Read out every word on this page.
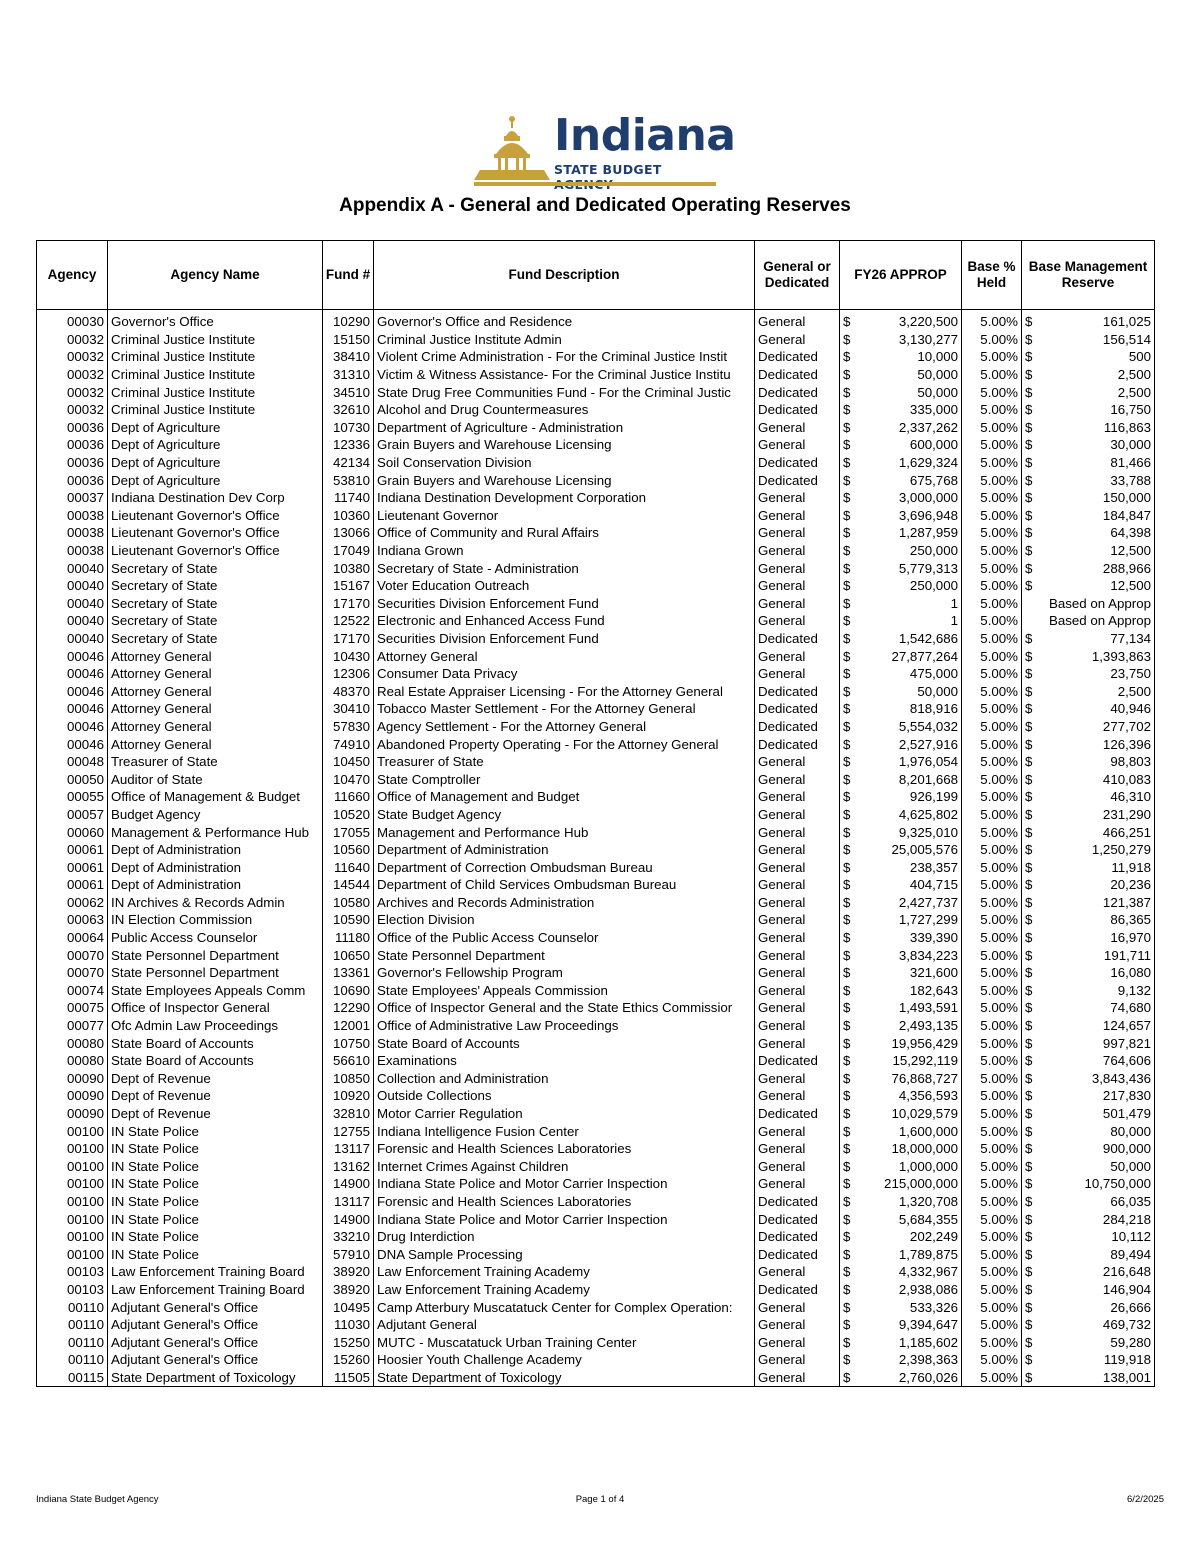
Indiana
STATE BUDGET
Appendix A - General and Dedicated Operating Reserves
Agency	Agency Name	Fund #	Fund Description	General or Dedicated	FY26 APPROP	Base % Held	Base Management Reserve
00030	Governor's Office	10290	Governor's Office and Residence	General	$ 3,220,500	5.00%	$ 161,025

00032	Criminal Justice Institute	15150	Criminal Justice Institute Admin	General	$ 3,130,277	5.00%	$ 156,514

00032	Criminal Justice Institute	38410	Violent Crime Administration - For the Criminal Justice Instit	Dedicated	$ 10,000	5.00%	$ 500

00032	Criminal Justice Institute	31310	Victim & Witness Assistance- For the Criminal Justice Institu	Dedicated	$ 50,000	5.00%	$ 2,500

00032	Criminal Justice Institute	34510	State Drug Free Communities Fund - For the Criminal Justic	Dedicated	$ 50,000	5.00%	$ 2,500

00032	Criminal Justice Institute	32610	Alcohol and Drug Countermeasures	Dedicated	$ 335,000	5.00%	$ 16,750

00036	Dept of Agriculture	10730	Department of Agriculture - Administration	General	$ 2,337,262	5.00%	$ 116,863

00036	Dept of Agriculture	12336	Grain Buyers and Warehouse Licensing	General	$ 600,000	5.00%	$ 30,000

00036	Dept of Agriculture	42134	Soil Conservation Division	Dedicated	$ 1,629,324	5.00%	$ 81,466

00036	Dept of Agriculture	53810	Grain Buyers and Warehouse Licensing	Dedicated	$ 675,768	5.00%	$ 33,788

00037	Indiana Destination Dev Corp	11740	Indiana Destination Development Corporation	General	$ 3,000,000	5.00%	$ 150,000

00038	Lieutenant Governor's Office	10360	Lieutenant Governor	General	$ 3,696,948	5.00%	$ 184,847

00038	Lieutenant Governor's Office	13066	Office of Community and Rural Affairs	General	$ 1,287,959	5.00%	$ 64,398

00038	Lieutenant Governor's Office	17049	Indiana Grown	General	$ 250,000	5.00%	$ 12,500

00040	Secretary of State	10380	Secretary of State - Administration	General	$ 5,779,313	5.00%	$ 288,966

00040	Secretary of State	15167	Voter Education Outreach	General	$ 250,000	5.00%	$ 12,500

00040	Secretary of State	17170	Securities Division Enforcement Fund	General	$ 1	5.00%	Based on Approp
00040	Secretary of State	12522	Electronic and Enhanced Access Fund	General	$ 1	5.00%	Based on Approp
00040	Secretary of State	17170	Securities Division Enforcement Fund	Dedicated	$ 1,542,686	5.00%	$ 77,134

00046	Attorney General	10430	Attorney General	General	$ 27,877,264	5.00%	$ 1,393,863

00046	Attorney General	12306	Consumer Data Privacy	General	$ 475,000	5.00%	$ 23,750

00046	Attorney General	48370	Real Estate Appraiser Licensing - For the Attorney General	Dedicated	$ 50,000	5.00%	$ 2,500

00046	Attorney General	30410	Tobacco Master Settlement - For the Attorney General	Dedicated	$ 818,916	5.00%	$ 40,946

00046	Attorney General	57830	Agency Settlement - For the Attorney General	Dedicated	$ 5,554,032	5.00%	$ 277,702

00046	Attorney General	74910	Abandoned Property Operating - For the Attorney General	Dedicated	$ 2,527,916	5.00%	$ 126,396

00048	Treasurer of State	10450	Treasurer of State	General	$ 1,976,054	5.00%	$ 98,803

00050	Auditor of State	10470	State Comptroller	General	$ 8,201,668	5.00%	$ 410,083

00055	Office of Management & Budget	11660	Office of Management and Budget	General	$ 926,199	5.00%	$ 46,310

00057	Budget Agency	10520	State Budget Agency	General	$ 4,625,802	5.00%	$ 231,290

00060	Management & Performance Hub	17055	Management and Performance Hub	General	$ 9,325,010	5.00%	$ 466,251

00061	Dept of Administration	10560	Department of Administration	General	$ 25,005,576	5.00%	$ 1,250,279

00061	Dept of Administration	11640	Department of Correction Ombudsman Bureau	General	$ 238,357	5.00%	$ 11,918

00061	Dept of Administration	14544	Department of Child Services Ombudsman Bureau	General	$ 404,715	5.00%	$ 20,236

00062	IN Archives & Records Admin	10580	Archives and Records Administration	General	$ 2,427,737	5.00%	$ 121,387

00063	IN Election Commission	10590	Election Division	General	$ 1,727,299	5.00%	$ 86,365

00064	Public Access Counselor	11180	Office of the Public Access Counselor	General	$ 339,390	5.00%	$ 16,970

00070	State Personnel Department	10650	State Personnel Department	General	$ 3,834,223	5.00%	$ 191,711

00070	State Personnel Department	13361	Governor's Fellowship Program	General	$ 321,600	5.00%	$ 16,080

00074	State Employees Appeals Comm	10690	State Employees' Appeals Commission	General	$ 182,643	5.00%	$ 9,132

00075	Office of Inspector General	12290	Office of Inspector General and the State Ethics Commissior	General	$ 1,493,591	5.00%	$ 74,680

00077	Ofc Admin Law Proceedings	12001	Office of Administrative Law Proceedings	General	$ 2,493,135	5.00%	$ 124,657

00080	State Board of Accounts	10750	State Board of Accounts	General	$ 19,956,429	5.00%	$ 997,821

00080	State Board of Accounts	56610	Examinations	Dedicated	$ 15,292,119	5.00%	$ 764,606

00090	Dept of Revenue	10850	Collection and Administration	General	$ 76,868,727	5.00%	$ 3,843,436

00090	Dept of Revenue	10920	Outside Collections	General	$ 4,356,593	5.00%	$ 217,830

00090	Dept of Revenue	32810	Motor Carrier Regulation	Dedicated	$ 10,029,579	5.00%	$ 501,479

00100	IN State Police	12755	Indiana Intelligence Fusion Center	General	$ 1,600,000	5.00%	$ 80,000

00100	IN State Police	13117	Forensic and Health Sciences Laboratories	General	$ 18,000,000	5.00%	$ 900,000

00100	IN State Police	13162	Internet Crimes Against Children	General	$ 1,000,000	5.00%	$ 50,000

00100	IN State Police	14900	Indiana State Police and Motor Carrier Inspection	General	$ 215,000,000	5.00%	$ 10,750,000

00100	IN State Police	13117	Forensic and Health Sciences Laboratories	Dedicated	$ 1,320,708	5.00%	$ 66,035

00100	IN State Police	14900	Indiana State Police and Motor Carrier Inspection	Dedicated	$ 5,684,355	5.00%	$ 284,218

00100	IN State Police	33210	Drug Interdiction	Dedicated	$ 202,249	5.00%	$ 10,112

00100	IN State Police	57910	DNA Sample Processing	Dedicated	$ 1,789,875	5.00%	$ 89,494

00103	Law Enforcement Training Board	38920	Law Enforcement Training Academy	General	$ 4,332,967	5.00%	$ 216,648

00103	Law Enforcement Training Board	38920	Law Enforcement Training Academy	Dedicated	$ 2,938,086	5.00%	$ 146,904

00110	Adjutant General's Office	10495	Camp Atterbury Muscatatuck Center for Complex Operation:	General	$ 533,326	5.00%	$ 26,666

00110	Adjutant General's Office	11030	Adjutant General	General	$ 9,394,647	5.00%	$ 469,732

00110	Adjutant General's Office	15250	MUTC - Muscatatuck Urban Training Center	General	$ 1,185,602	5.00%	$ 59,280

00110	Adjutant General's Office	15260	Hoosier Youth Challenge Academy	General	$ 2,398,363	5.00%	$ 119,918

00115	State Department of Toxicology	11505	State Department of Toxicology	General	$ 2,760,026	5.00%	$ 138,001
Indiana State Budget Agency	Page 1 of 4	6/2/2025
